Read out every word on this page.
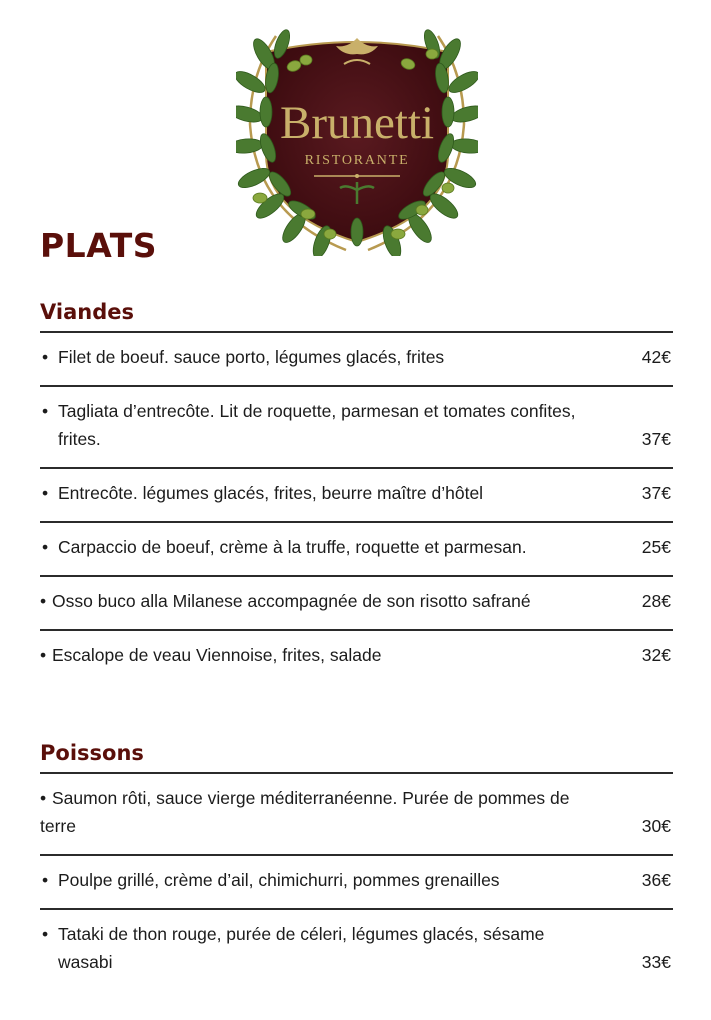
Brunetti
RISTORANTE
PLATS
Viandes
• Filet de boeuf. sauce porto, légumes glacés, frites	42€
• Tagliata d’entrecôte. Lit de roquette, parmesan et tomates confites,
frites.	37€
• Entrecôte. légumes glacés, frites, beurre maître d’hôtel	37€
• Carpaccio de boeuf, crème à la truffe, roquette et parmesan.	25€
• Osso buco alla Milanese accompagnée de son risotto safrané	28€
• Escalope de veau Viennoise, frites, salade	32€
Poissons
• Saumon rôti, sauce vierge méditerranéenne. Purée de pommes de
terre	30€
• Poulpe grillé, crème d’ail, chimichurri, pommes grenailles	36€
• Tataki de thon rouge, purée de céleri, légumes glacés, sésame
wasabi	33€
